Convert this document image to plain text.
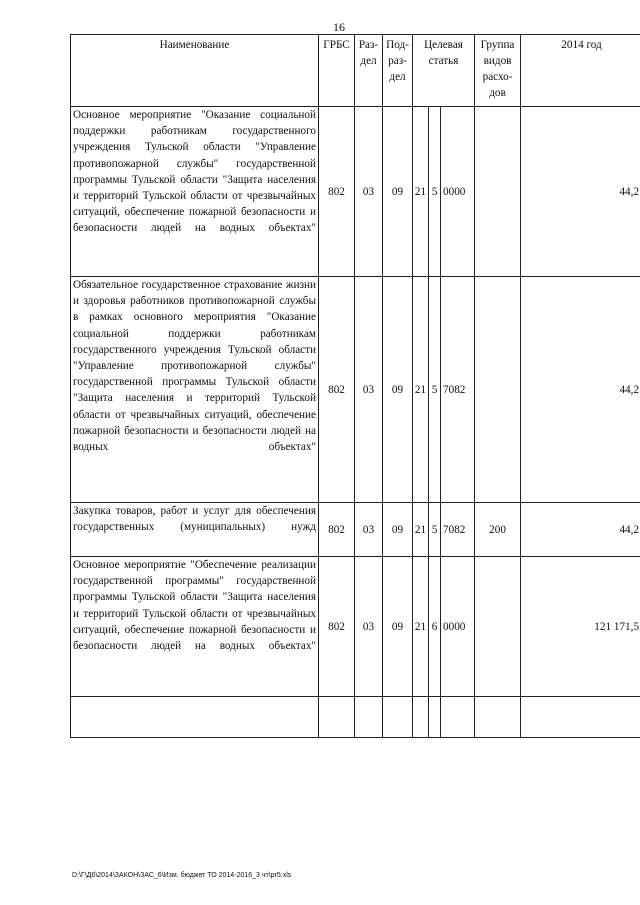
16
Наименование	ГРБС	Раз-дел	Под-раз-дел	Целевая статья			Группа видов расхо-дов	2014 год
Основное мероприятие "Оказание социальной поддержки работникам государственного учреждения Тульской области "Управление противопожарной службы" государственной программы Тульской области "Защита населения и территорий Тульской области от чрезвычайных ситуаций, обеспечение пожарной безопасности и безопасности людей на водных объектах"	802	03	09	21	5	0000		44,2
Обязательное государственное страхование жизни и здоровья работников противопожарной службы в рамках основного мероприятия "Оказание социальной поддержки работникам государственного учреждения Тульской области "Управление противопожарной службы" государственной программы Тульской области "Защита населения и территорий Тульской области от чрезвычайных ситуаций, обеспечение пожарной безопасности и безопасности людей на водных объектах"	802	03	09	21	5	7082		44,2
Закупка товаров, работ и услуг для обеспечения государственных (муниципальных) нужд	802	03	09	21	5	7082	200	44,2
Основное мероприятие "Обеспечение реализации государственной программы" государственной программы Тульской области "Защита населения и территорий Тульской области от чрезвычайных ситуаций, обеспечение пожарной безопасности и безопасности людей на водных объектах"	802	03	09	21	6	0000		121 171,5

D:\Г\Д6\2014\ЗАКОН\ЗАС_6\Изм. бюджет ТО 2014-2016_3 чт\pr5.xls
